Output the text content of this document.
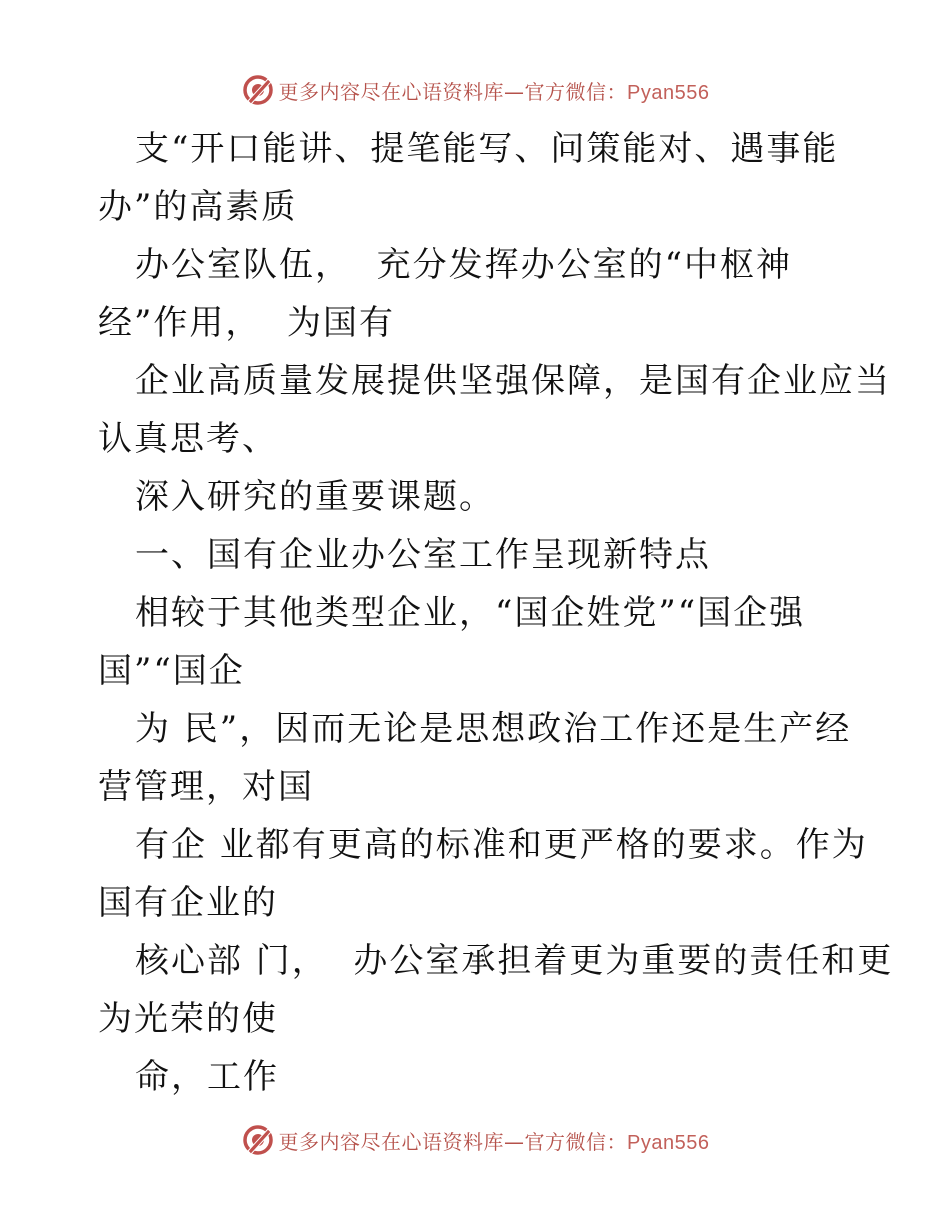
更多内容尽在心语资料库—官方微信：Pyan556
支“开口能讲、提笔能写、问策能对、遇事能
办”的高素质
办公室队伍，  充分发挥办公室的“中枢神
经”作用，  为国有
企业高质量发展提供坚强保障，是国有企业应当
认真思考、
深入研究的重要课题。
一、国有企业办公室工作呈现新特点
相较于其他类型企业，“国企姓党”“国企强
国”“国企
为 民”，因而无论是思想政治工作还是生产经
营管理，对国
有企 业都有更高的标准和更严格的要求。作为
国有企业的
核心部 门，  办公室承担着更为重要的责任和更
为光荣的使
命，工作
更多内容尽在心语资料库—官方微信：Pyan556
